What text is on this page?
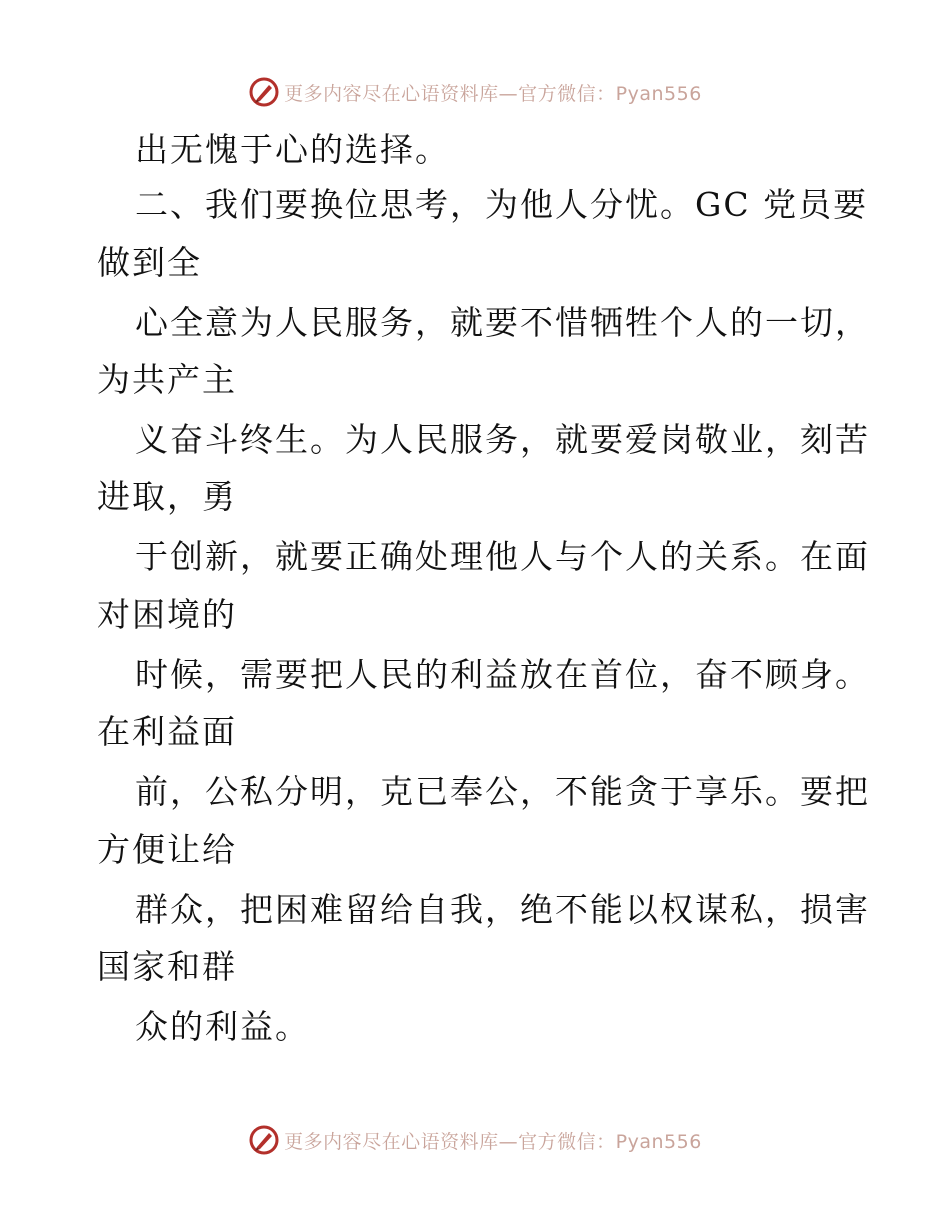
更多内容尽在心语资料库—官方微信：Pyan556
出无愧于心的选择。
二、我们要换位思考，为他人分忧。GC 党员要
做到全
心全意为人民服务，就要不惜牺牲个人的一切，
为共产主
义奋斗终生。为人民服务，就要爱岗敬业，刻苦
进取，勇
于创新，就要正确处理他人与个人的关系。在面
对困境的
时候，需要把人民的利益放在首位，奋不顾身。
在利益面
前，公私分明，克已奉公，不能贪于享乐。要把
方便让给
群众，把困难留给自我，绝不能以权谋私，损害
国家和群
众的利益。
更多内容尽在心语资料库—官方微信：Pyan556
